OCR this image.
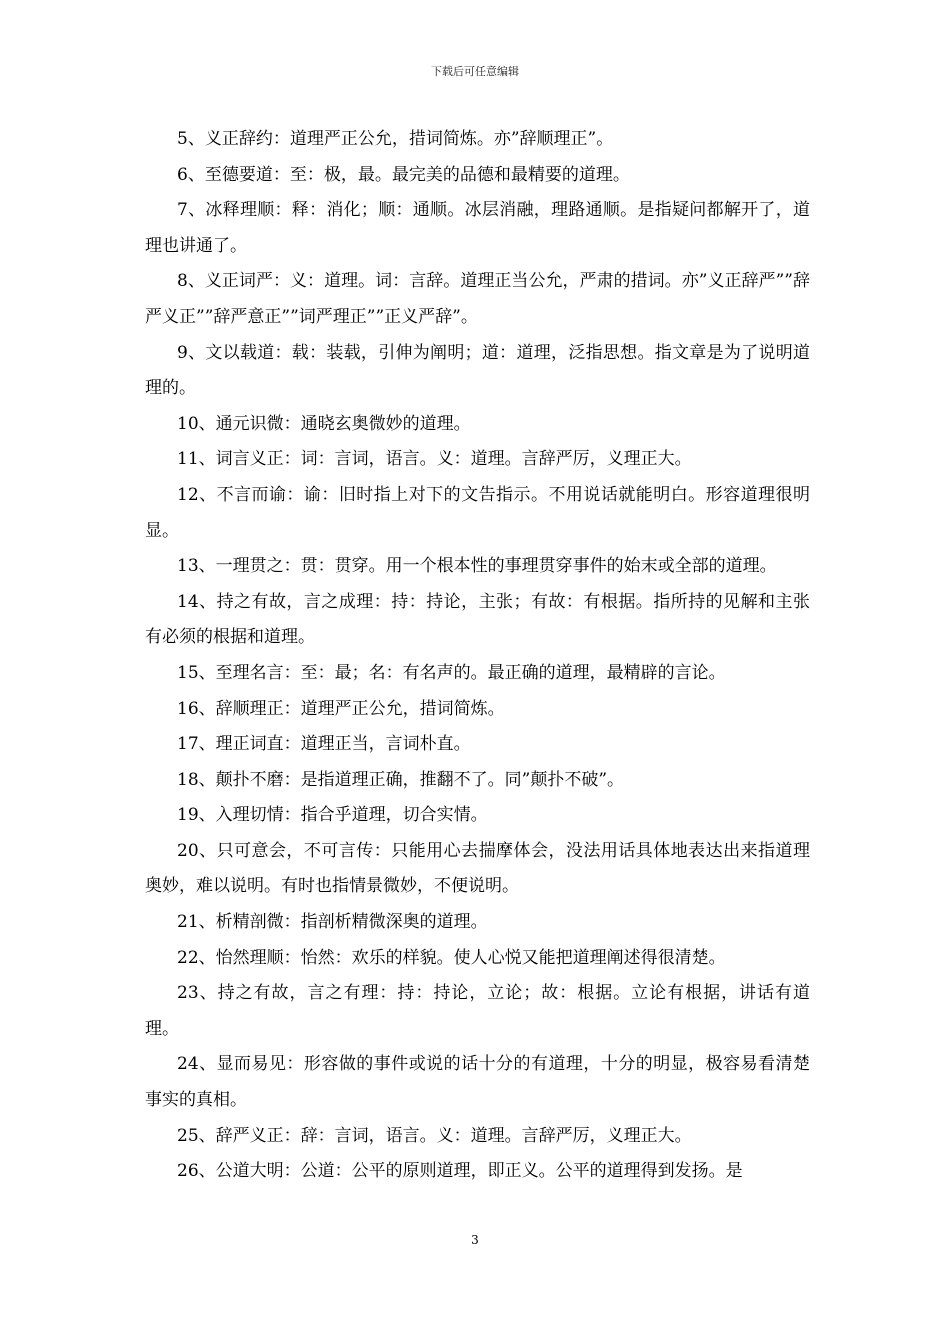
下载后可任意编辑

5、义正辞约：道理严正公允，措词简炼。亦”辞顺理正”。

6、至德要道：至：极，最。最完美的品德和最精要的道理。

7、冰释理顺：释：消化；顺：通顺。冰层消融，理路通顺。是指疑问都解开了，道理也讲通了。

8、义正词严：义：道理。词：言辞。道理正当公允，严肃的措词。亦”义正辞严””辞严义正””辞严意正””词严理正””正义严辞”。

9、文以载道：载：装载，引伸为阐明；道：道理，泛指思想。指文章是为了说明道理的。

10、通元识微：通晓玄奥微妙的道理。

11、词言义正：词：言词，语言。义：道理。言辞严厉，义理正大。

12、不言而谕：谕：旧时指上对下的文告指示。不用说话就能明白。形容道理很明显。

13、一理贯之：贯：贯穿。用一个根本性的事理贯穿事件的始末或全部的道理。

14、持之有故，言之成理：持：持论，主张；有故：有根据。指所持的见解和主张有必须的根据和道理。

15、至理名言：至：最；名：有名声的。最正确的道理，最精辟的言论。

16、辞顺理正：道理严正公允，措词简炼。

17、理正词直：道理正当，言词朴直。

18、颠扑不磨：是指道理正确，推翻不了。同”颠扑不破”。

19、入理切情：指合乎道理，切合实情。

20、只可意会，不可言传：只能用心去揣摩体会，没法用话具体地表达出来指道理奥妙，难以说明。有时也指情景微妙，不便说明。

21、析精剖微：指剖析精微深奥的道理。

22、怡然理顺：怡然：欢乐的样貌。使人心悦又能把道理阐述得很清楚。

23、持之有故，言之有理：持：持论，立论；故：根据。立论有根据，讲话有道理。

24、显而易见：形容做的事件或说的话十分的有道理，十分的明显，极容易看清楚事实的真相。

25、辞严义正：辞：言词，语言。义：道理。言辞严厉，义理正大。

26、公道大明：公道：公平的原则道理，即正义。公平的道理得到发扬。是

3
